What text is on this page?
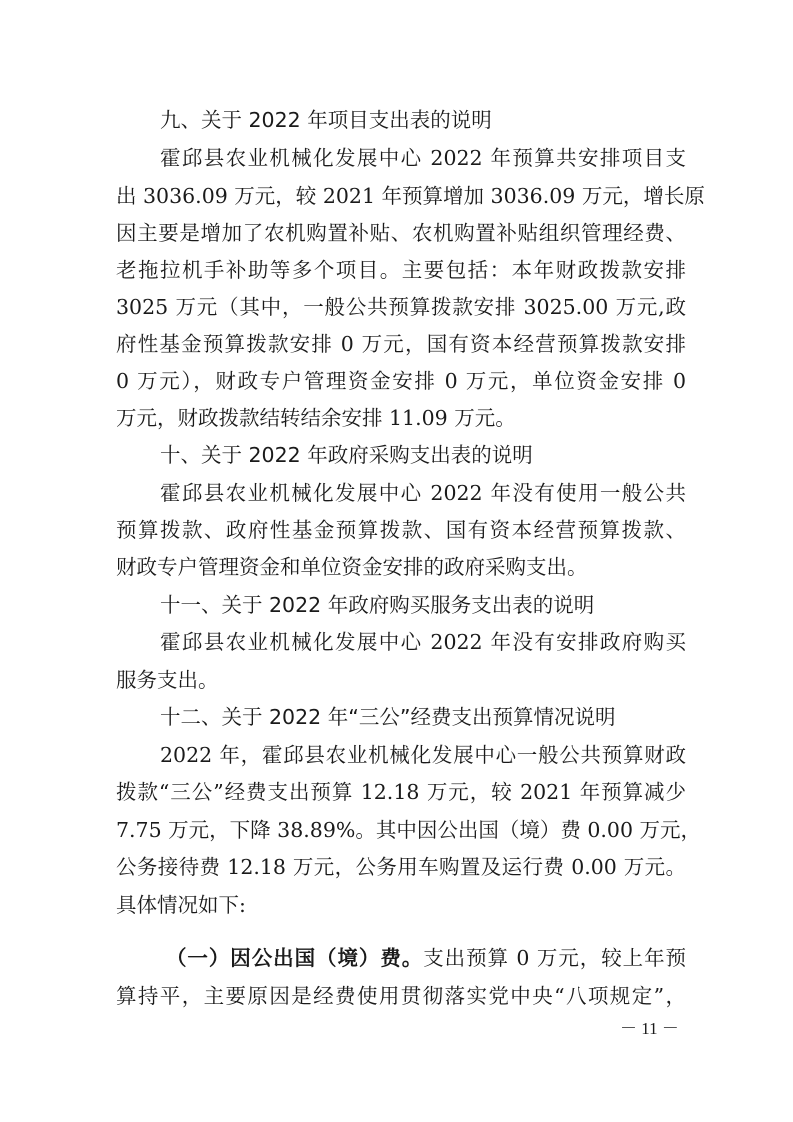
九、关于 2022 年项目支出表的说明
霍邱县农业机械化发展中心 2022 年预算共安排项目支
出 3036.09 万元，较 2021 年预算增加 3036.09 万元，增长原
因主要是增加了农机购置补贴、农机购置补贴组织管理经费、
老拖拉机手补助等多个项目。主要包括：本年财政拨款安排
3025 万元（其中，一般公共预算拨款安排 3025.00 万元,政
府性基金预算拨款安排 0 万元，国有资本经营预算拨款安排
0 万元），财政专户管理资金安排 0 万元，单位资金安排 0
万元，财政拨款结转结余安排 11.09 万元。
十、关于 2022 年政府采购支出表的说明
霍邱县农业机械化发展中心 2022 年没有使用一般公共
预算拨款、政府性基金预算拨款、国有资本经营预算拨款、
财政专户管理资金和单位资金安排的政府采购支出。
十一、关于 2022 年政府购买服务支出表的说明
霍邱县农业机械化发展中心 2022 年没有安排政府购买
服务支出。
十二、关于 2022 年“三公”经费支出预算情况说明
2022 年，霍邱县农业机械化发展中心一般公共预算财政
拨款“三公”经费支出预算 12.18 万元，较 2021 年预算减少
7.75 万元，下降 38.89%。其中因公出国（境）费 0.00 万元，
公务接待费 12.18 万元，公务用车购置及运行费 0.00 万元。
具体情况如下:
（一）因公出国（境）费。支出预算 0 万元，较上年预
算持平，主要原因是经费使用贯彻落实党中央“八项规定”，
－ 11 －
